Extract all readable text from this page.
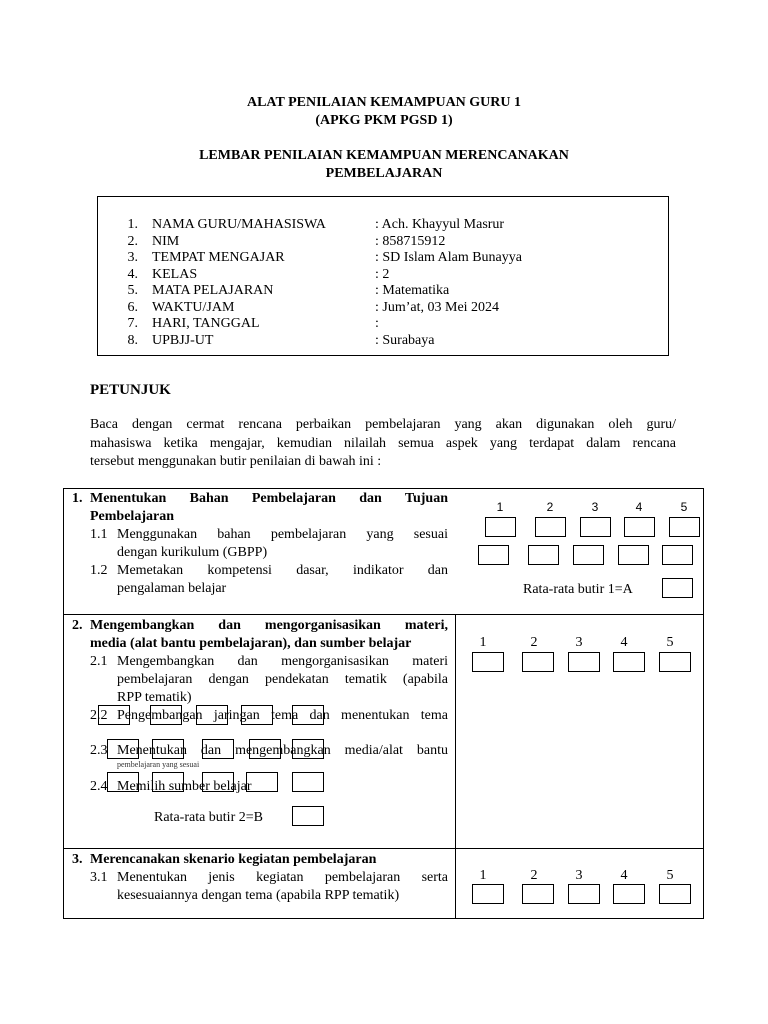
ALAT PENILAIAN KEMAMPUAN GURU 1
(APKG PKM PGSD 1)
LEMBAR PENILAIAN KEMAMPUAN MERENCANAKAN
PEMBELAJARAN
1. NAMA GURU/MAHASISWA	: Ach. Khayyul Masrur
2. NIM	: 858715912
3. TEMPAT MENGAJAR	: SD Islam Alam Bunayya
4. KELAS	: 2
5. MATA PELAJARAN	: Matematika
6. WAKTU/JAM	: Jum’at, 03 Mei 2024
7. HARI, TANGGAL	:
8. UPBJJ-UT	: Surabaya
PETUNJUK
Baca dengan cermat rencana perbaikan pembelajaran yang akan digunakan oleh guru/
mahasiswa ketika mengajar, kemudian nilailah semua aspek yang terdapat dalam rencana
tersebut menggunakan butir penilaian di bawah ini :
1. Menentukan Bahan Pembelajaran dan Tujuan
Pembelajaran
1.1 Menggunakan bahan pembelajaran yang sesuai
dengan kurikulum (GBPP)
1.2 Memetakan kompetensi dasar, indikator dan
pengalaman belajar
1	2	3	4	5
Rata-rata butir 1=A
2. Mengembangkan dan mengorganisasikan materi,
media (alat bantu pembelajaran), dan sumber belajar
2.1 Mengembangkan dan mengorganisasikan materi
pembelajaran dengan pendekatan tematik (apabila
RPP tematik)
2.2 Pengembangan jaringan tema dan menentukan tema
2.3 Menentukan dan mengembangkan media/alat bantu
pembelajaran yang sesuai
2.4 Memilih sumber belajar
Rata-rata butir 2=B
1	2	3	4	5
3. Merencanakan skenario kegiatan pembelajaran
3.1 Menentukan jenis kegiatan pembelajaran serta
kesesuaiannya dengan tema (apabila RPP tematik)
1	2	3	4	5
